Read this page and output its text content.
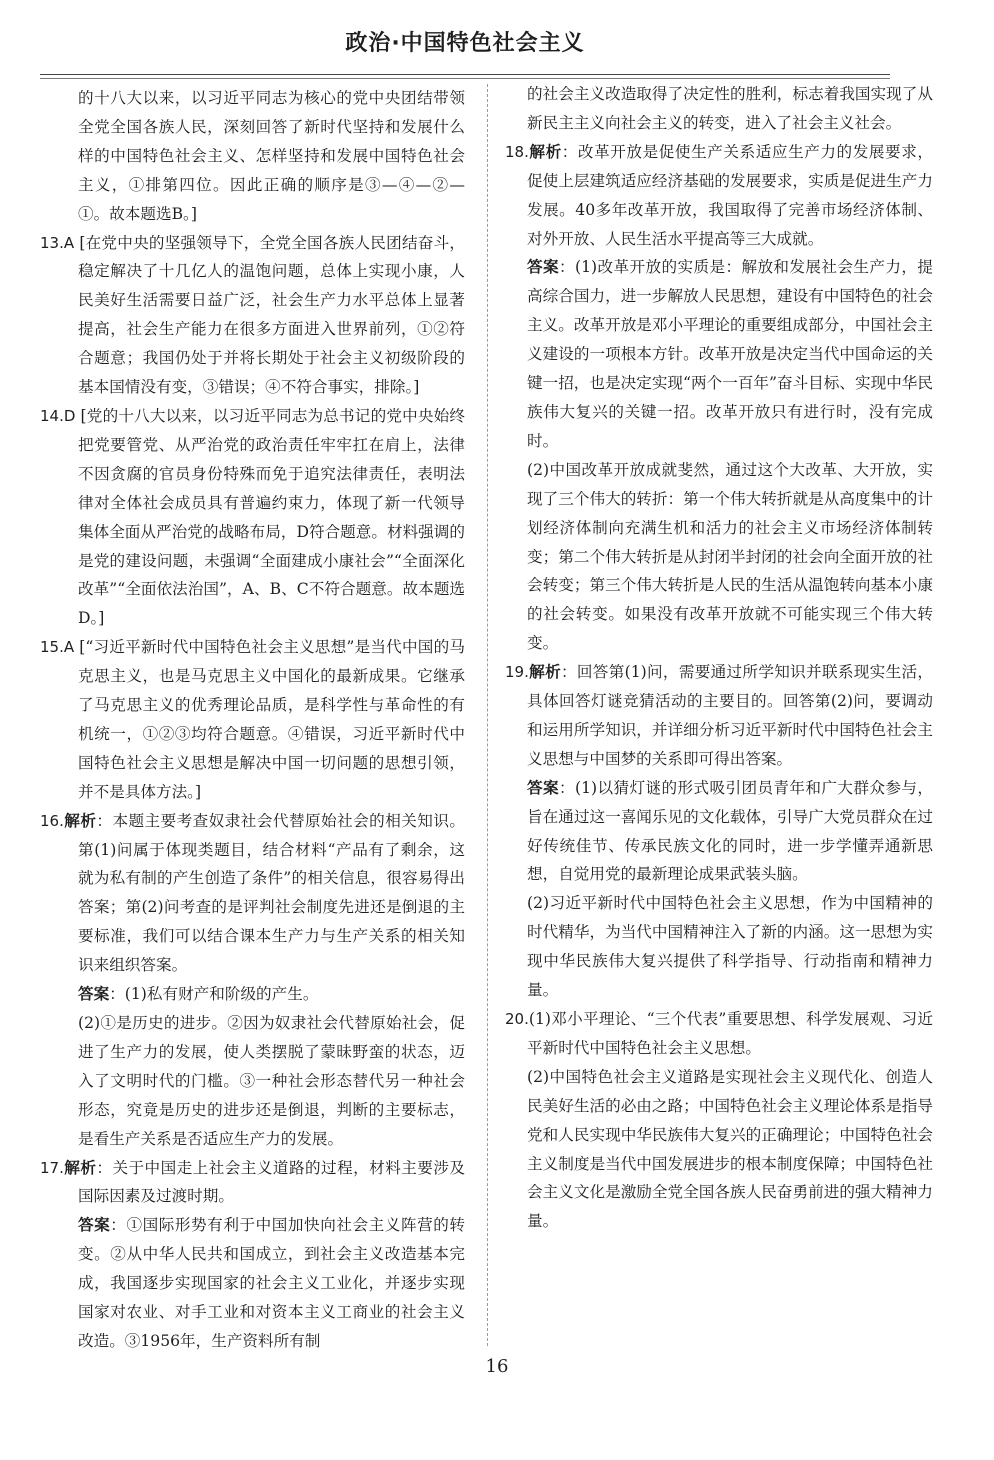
政治·中国特色社会主义

的十八大以来，以习近平同志为核心的党中央团结带领全党全国各族人民，深刻回答了新时代坚持和发展什么样的中国特色社会主义、怎样坚持和发展中国特色社会主义，①排第四位。因此正确的顺序是③—④—②—①。故本题选B。]

13.A [在党中央的坚强领导下，全党全国各族人民团结奋斗，稳定解决了十几亿人的温饱问题，总体上实现小康，人民美好生活需要日益广泛，社会生产力水平总体上显著提高，社会生产能力在很多方面进入世界前列，①②符合题意；我国仍处于并将长期处于社会主义初级阶段的基本国情没有变，③错误；④不符合事实，排除。]

14.D [党的十八大以来，以习近平同志为总书记的党中央始终把党要管党、从严治党的政治责任牢牢扛在肩上，法律不因贪腐的官员身份特殊而免于追究法律责任，表明法律对全体社会成员具有普遍约束力，体现了新一代领导集体全面从严治党的战略布局，D符合题意。材料强调的是党的建设问题，未强调“全面建成小康社会”“全面深化改革”“全面依法治国”，A、B、C不符合题意。故本题选D。]

15.A [“习近平新时代中国特色社会主义思想”是当代中国的马克思主义，也是马克思主义中国化的最新成果。它继承了马克思主义的优秀理论品质，是科学性与革命性的有机统一，①②③均符合题意。④错误，习近平新时代中国特色社会主义思想是解决中国一切问题的思想引领，并不是具体方法。]

16.解析：本题主要考查奴隶社会代替原始社会的相关知识。第(1)问属于体现类题目，结合材料“产品有了剩余，这就为私有制的产生创造了条件”的相关信息，很容易得出答案；第(2)问考查的是评判社会制度先进还是倒退的主要标准，我们可以结合课本生产力与生产关系的相关知识来组织答案。

答案：(1)私有财产和阶级的产生。

(2)①是历史的进步。②因为奴隶社会代替原始社会，促进了生产力的发展，使人类摆脱了蒙昧野蛮的状态，迈入了文明时代的门槛。③一种社会形态替代另一种社会形态，究竟是历史的进步还是倒退，判断的主要标志，是看生产关系是否适应生产力的发展。

17.解析：关于中国走上社会主义道路的过程，材料主要涉及国际因素及过渡时期。

答案：①国际形势有利于中国加快向社会主义阵营的转变。②从中华人民共和国成立，到社会主义改造基本完成，我国逐步实现国家的社会主义工业化，并逐步实现国家对农业、对手工业和对资本主义工商业的社会主义改造。③1956年，生产资料所有制

的社会主义改造取得了决定性的胜利，标志着我国实现了从新民主主义向社会主义的转变，进入了社会主义社会。

18.解析：改革开放是促使生产关系适应生产力的发展要求，促使上层建筑适应经济基础的发展要求，实质是促进生产力发展。40多年改革开放，我国取得了完善市场经济体制、对外开放、人民生活水平提高等三大成就。

答案：(1)改革开放的实质是：解放和发展社会生产力，提高综合国力，进一步解放人民思想，建设有中国特色的社会主义。改革开放是邓小平理论的重要组成部分，中国社会主义建设的一项根本方针。改革开放是决定当代中国命运的关键一招，也是决定实现“两个一百年”奋斗目标、实现中华民族伟大复兴的关键一招。改革开放只有进行时，没有完成时。

(2)中国改革开放成就斐然，通过这个大改革、大开放，实现了三个伟大的转折：第一个伟大转折就是从高度集中的计划经济体制向充满生机和活力的社会主义市场经济体制转变；第二个伟大转折是从封闭半封闭的社会向全面开放的社会转变；第三个伟大转折是人民的生活从温饱转向基本小康的社会转变。如果没有改革开放就不可能实现三个伟大转变。

19.解析：回答第(1)问，需要通过所学知识并联系现实生活，具体回答灯谜竞猜活动的主要目的。回答第(2)问，要调动和运用所学知识，并详细分析习近平新时代中国特色社会主义思想与中国梦的关系即可得出答案。

答案：(1)以猜灯谜的形式吸引团员青年和广大群众参与，旨在通过这一喜闻乐见的文化载体，引导广大党员群众在过好传统佳节、传承民族文化的同时，进一步学懂弄通新思想，自觉用党的最新理论成果武装头脑。

(2)习近平新时代中国特色社会主义思想，作为中国精神的时代精华，为当代中国精神注入了新的内涵。这一思想为实现中华民族伟大复兴提供了科学指导、行动指南和精神力量。

20.(1)邓小平理论、“三个代表”重要思想、科学发展观、习近平新时代中国特色社会主义思想。

(2)中国特色社会主义道路是实现社会主义现代化、创造人民美好生活的必由之路；中国特色社会主义理论体系是指导党和人民实现中华民族伟大复兴的正确理论；中国特色社会主义制度是当代中国发展进步的根本制度保障；中国特色社会主义文化是激励全党全国各族人民奋勇前进的强大精神力量。

16
